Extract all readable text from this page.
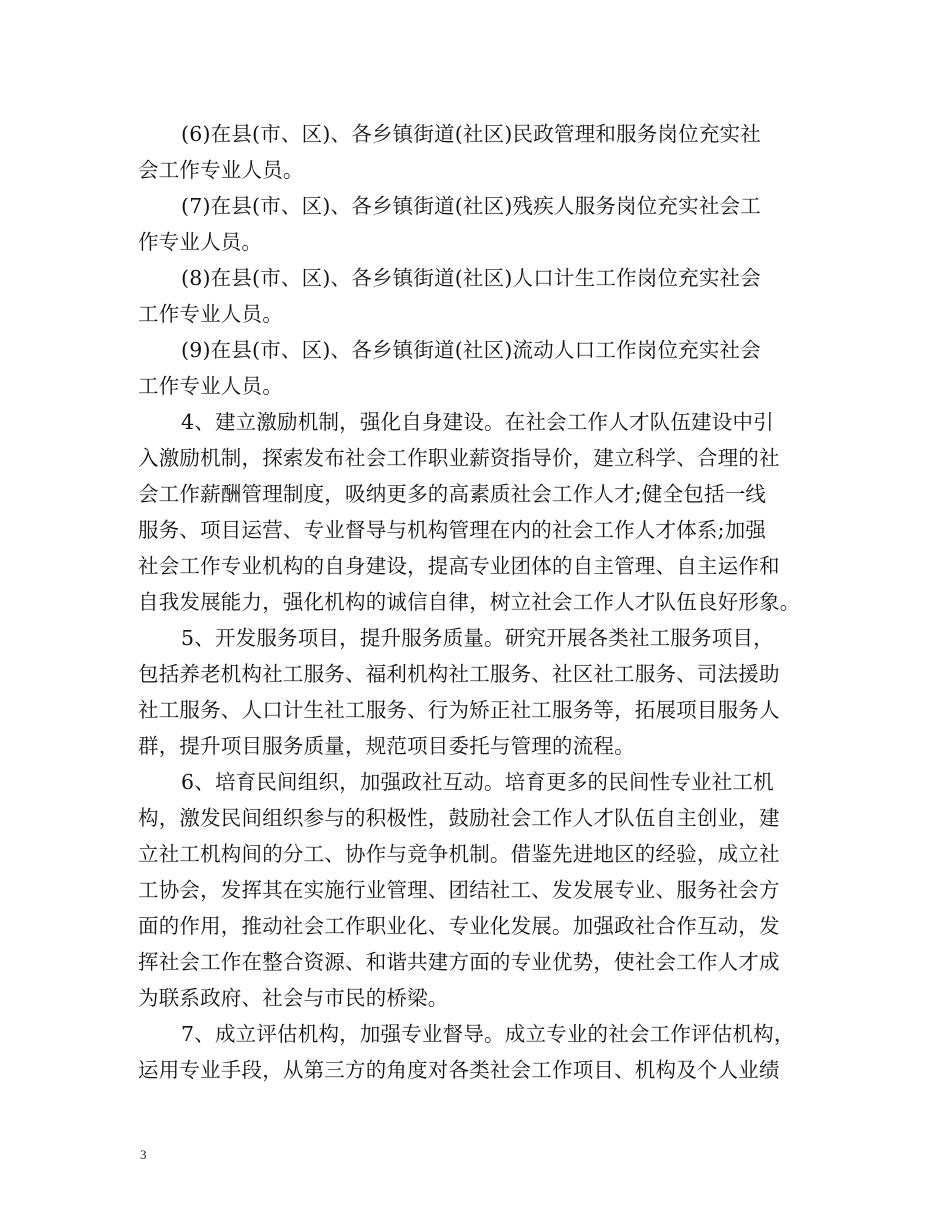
(6)在县(市、区)、各乡镇街道(社区)民政管理和服务岗位充实社
会工作专业人员。
(7)在县(市、区)、各乡镇街道(社区)残疾人服务岗位充实社会工
作专业人员。
(8)在县(市、区)、各乡镇街道(社区)人口计生工作岗位充实社会
工作专业人员。
(9)在县(市、区)、各乡镇街道(社区)流动人口工作岗位充实社会
工作专业人员。
4、建立激励机制，强化自身建设。在社会工作人才队伍建设中引
入激励机制，探索发布社会工作职业薪资指导价，建立科学、合理的社
会工作薪酬管理制度，吸纳更多的高素质社会工作人才;健全包括一线
服务、项目运营、专业督导与机构管理在内的社会工作人才体系;加强
社会工作专业机构的自身建设，提高专业团体的自主管理、自主运作和
自我发展能力，强化机构的诚信自律，树立社会工作人才队伍良好形象。
5、开发服务项目，提升服务质量。研究开展各类社工服务项目，
包括养老机构社工服务、福利机构社工服务、社区社工服务、司法援助
社工服务、人口计生社工服务、行为矫正社工服务等，拓展项目服务人
群，提升项目服务质量，规范项目委托与管理的流程。
6、培育民间组织，加强政社互动。培育更多的民间性专业社工机
构，激发民间组织参与的积极性，鼓励社会工作人才队伍自主创业，建
立社工机构间的分工、协作与竞争机制。借鉴先进地区的经验，成立社
工协会，发挥其在实施行业管理、团结社工、发发展专业、服务社会方
面的作用，推动社会工作职业化、专业化发展。加强政社合作互动，发
挥社会工作在整合资源、和谐共建方面的专业优势，使社会工作人才成
为联系政府、社会与市民的桥梁。
7、成立评估机构，加强专业督导。成立专业的社会工作评估机构，
运用专业手段，从第三方的角度对各类社会工作项目、机构及个人业绩
3
